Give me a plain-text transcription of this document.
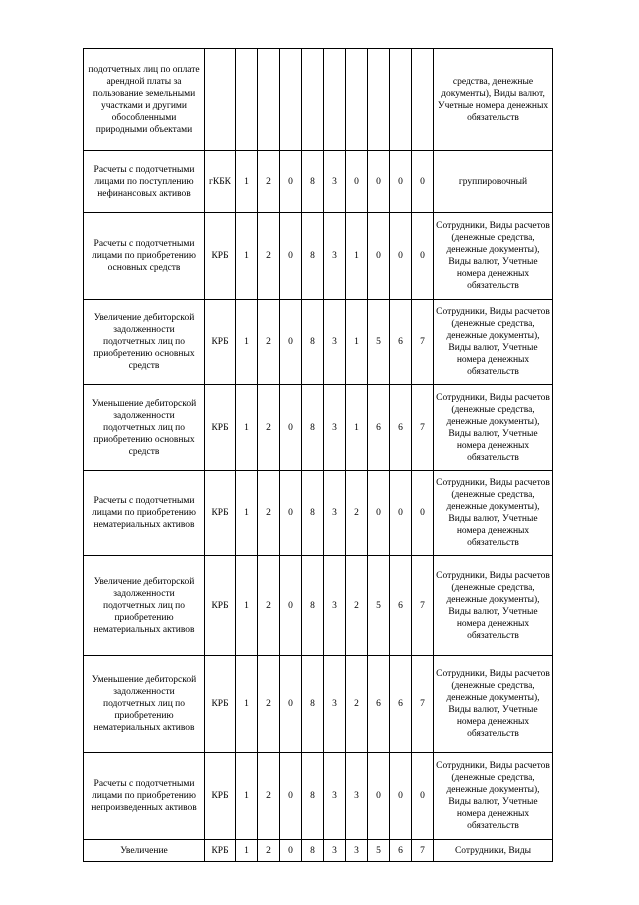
подотчетных лиц по оплате арендной платы за пользование земельными участками и другими обособленными природными объектами											средства, денежные документы), Виды валют, Учетные номера денежных обязательств
Расчеты с подотчетными лицами по поступлению нефинансовых активов	гКБК	1	2	0	8	3	0	0	0	0	группировочный
Расчеты с подотчетными лицами по приобретению основных средств	КРБ	1	2	0	8	3	1	0	0	0	Сотрудники, Виды расчетов (денежные средства, денежные документы), Виды валют, Учетные номера денежных обязательств
Увеличение дебиторской задолженности подотчетных лиц по приобретению основных средств	КРБ	1	2	0	8	3	1	5	6	7	Сотрудники, Виды расчетов (денежные средства, денежные документы), Виды валют, Учетные номера денежных обязательств
Уменьшение дебиторской задолженности подотчетных лиц по приобретению основных средств	КРБ	1	2	0	8	3	1	6	6	7	Сотрудники, Виды расчетов (денежные средства, денежные документы), Виды валют, Учетные номера денежных обязательств
Расчеты с подотчетными лицами по приобретению нематериальных активов	КРБ	1	2	0	8	3	2	0	0	0	Сотрудники, Виды расчетов (денежные средства, денежные документы), Виды валют, Учетные номера денежных обязательств
Увеличение дебиторской задолженности подотчетных лиц по приобретению нематериальных активов	КРБ	1	2	0	8	3	2	5	6	7	Сотрудники, Виды расчетов (денежные средства, денежные документы), Виды валют, Учетные номера денежных обязательств
Уменьшение дебиторской задолженности подотчетных лиц по приобретению нематериальных активов	КРБ	1	2	0	8	3	2	6	6	7	Сотрудники, Виды расчетов (денежные средства, денежные документы), Виды валют, Учетные номера денежных обязательств
Расчеты с подотчетными лицами по приобретению непроизведенных активов	КРБ	1	2	0	8	3	3	0	0	0	Сотрудники, Виды расчетов (денежные средства, денежные документы), Виды валют, Учетные номера денежных обязательств
Увеличение	КРБ	1	2	0	8	3	3	5	6	7	Сотрудники, Виды
